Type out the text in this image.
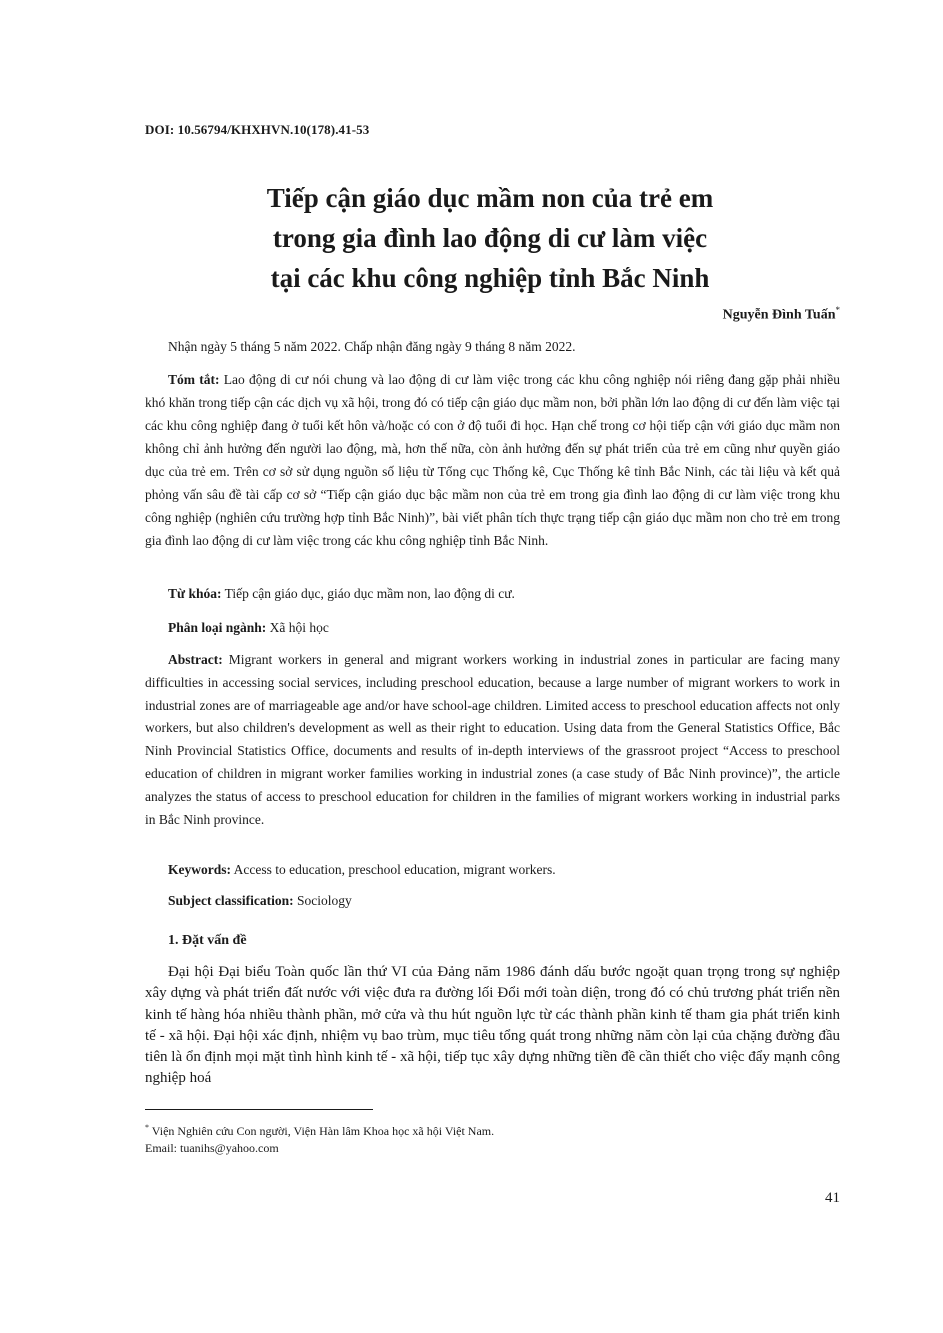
DOI: 10.56794/KHXHVN.10(178).41-53
Tiếp cận giáo dục mầm non của trẻ em
trong gia đình lao động di cư làm việc
tại các khu công nghiệp tỉnh Bắc Ninh
Nguyễn Đình Tuấn*
Nhận ngày 5 tháng 5 năm 2022. Chấp nhận đăng ngày 9 tháng 8 năm 2022.

Tóm tắt: Lao động di cư nói chung và lao động di cư làm việc trong các khu công nghiệp nói riêng đang gặp phải nhiều khó khăn trong tiếp cận các dịch vụ xã hội, trong đó có tiếp cận giáo dục mầm non, bởi phần lớn lao động di cư đến làm việc tại các khu công nghiệp đang ở tuổi kết hôn và/hoặc có con ở độ tuổi đi học. Hạn chế trong cơ hội tiếp cận với giáo dục mầm non không chỉ ảnh hưởng đến người lao động, mà, hơn thế nữa, còn ảnh hưởng đến sự phát triển của trẻ em cũng như quyền giáo dục của trẻ em. Trên cơ sở sử dụng nguồn số liệu từ Tổng cục Thống kê, Cục Thống kê tỉnh Bắc Ninh, các tài liệu và kết quả phỏng vấn sâu đề tài cấp cơ sở “Tiếp cận giáo dục bậc mầm non của trẻ em trong gia đình lao động di cư làm việc trong khu công nghiệp (nghiên cứu trường hợp tỉnh Bắc Ninh)”, bài viết phân tích thực trạng tiếp cận giáo dục mầm non cho trẻ em trong gia đình lao động di cư làm việc trong các khu công nghiệp tỉnh Bắc Ninh.

Từ khóa: Tiếp cận giáo dục, giáo dục mầm non, lao động di cư.
Phân loại ngành: Xã hội học

Abstract: Migrant workers in general and migrant workers working in industrial zones in particular are facing many difficulties in accessing social services, including preschool education, because a large number of migrant workers to work in industrial zones are of marriageable age and/or have school-age children. Limited access to preschool education affects not only workers, but also children's development as well as their right to education. Using data from the General Statistics Office, Bắc Ninh Provincial Statistics Office, documents and results of in-depth interviews of the grassroot project “Access to preschool education of children in migrant worker families working in industrial zones (a case study of Bắc Ninh province)”, the article analyzes the status of access to preschool education for children in the families of migrant workers working in industrial parks in Bắc Ninh province.

Keywords: Access to education, preschool education, migrant workers.
Subject classification: Sociology
1. Đặt vấn đề

Đại hội Đại biểu Toàn quốc lần thứ VI của Đảng năm 1986 đánh dấu bước ngoặt quan trọng trong sự nghiệp xây dựng và phát triển đất nước với việc đưa ra đường lối Đổi mới toàn diện, trong đó có chủ trương phát triển nền kinh tế hàng hóa nhiều thành phần, mở cửa và thu hút nguồn lực từ các thành phần kinh tế tham gia phát triển kinh tế - xã hội. Đại hội xác định, nhiệm vụ bao trùm, mục tiêu tổng quát trong những năm còn lại của chặng đường đầu tiên là ổn định mọi mặt tình hình kinh tế - xã hội, tiếp tục xây dựng những tiền đề cần thiết cho việc đẩy mạnh công nghiệp hoá

* Viện Nghiên cứu Con người, Viện Hàn lâm Khoa học xã hội Việt Nam.
Email: tuanihs@yahoo.com
41
